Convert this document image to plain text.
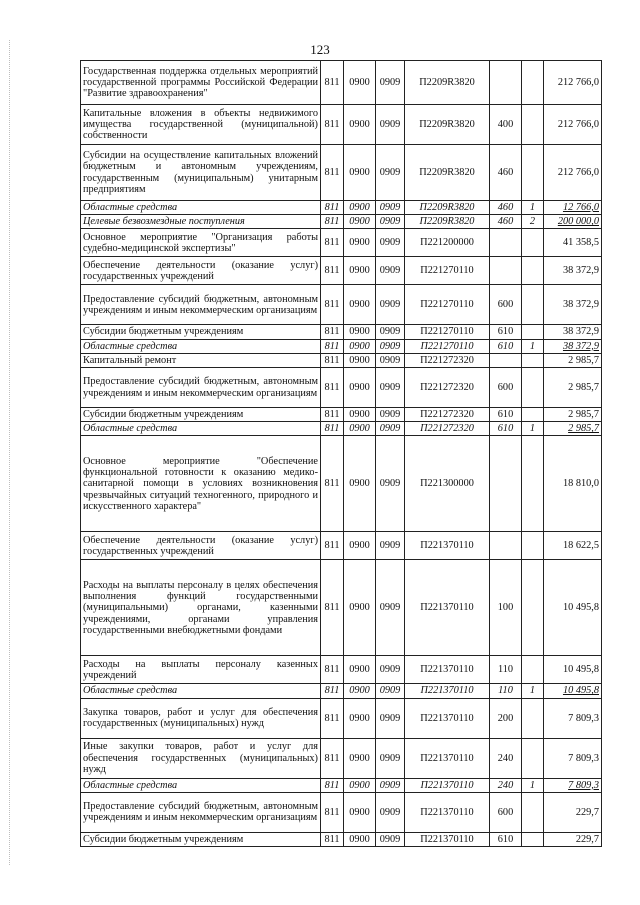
123
Государственная поддержка отдельных мероприятий государственной программы Российской Федерации "Развитие здравоохранения"	811	0900	0909	П2209R3820			212 766,0
Капитальные вложения в объекты недвижимого имущества государственной (муниципальной) собственности	811	0900	0909	П2209R3820	400		212 766,0
Субсидии на осуществление капитальных вложений бюджетным и автономным учреждениям, государственным (муниципальным) унитарным предприятиям	811	0900	0909	П2209R3820	460		212 766,0
Областные средства	811	0900	0909	П2209R3820	460	1	12 766,0
Целевые безвозмездные поступления	811	0900	0909	П2209R3820	460	2	200 000,0
Основное мероприятие "Организация работы судебно-медицинской экспертизы"	811	0900	0909	П221200000			41 358,5
Обеспечение деятельности (оказание услуг) государственных учреждений	811	0900	0909	П221270110			38 372,9
Предоставление субсидий бюджетным, автономным учреждениям и иным некоммерческим организациям	811	0900	0909	П221270110	600		38 372,9
Субсидии бюджетным учреждениям	811	0900	0909	П221270110	610		38 372,9
Областные средства	811	0900	0909	П221270110	610	1	38 372,9
Капитальный ремонт	811	0900	0909	П221272320			2 985,7
Предоставление субсидий бюджетным, автономным учреждениям и иным некоммерческим организациям	811	0900	0909	П221272320	600		2 985,7
Субсидии бюджетным учреждениям	811	0900	0909	П221272320	610		2 985,7
Областные средства	811	0900	0909	П221272320	610	1	2 985,7
Основное мероприятие "Обеспечение функциональной готовности к оказанию медико-санитарной помощи в условиях возникновения чрезвычайных ситуаций техногенного, природного и искусственного характера"	811	0900	0909	П221300000			18 810,0
Обеспечение деятельности (оказание услуг) государственных учреждений	811	0900	0909	П221370110			18 622,5
Расходы на выплаты персоналу в целях обеспечения выполнения функций государственными (муниципальными) органами, казенными учреждениями, органами управления государственными внебюджетными фондами	811	0900	0909	П221370110	100		10 495,8
Расходы на выплаты персоналу казенных учреждений	811	0900	0909	П221370110	110		10 495,8
Областные средства	811	0900	0909	П221370110	110	1	10 495,8
Закупка товаров, работ и услуг для обеспечения государственных (муниципальных) нужд	811	0900	0909	П221370110	200		7 809,3
Иные закупки товаров, работ и услуг для обеспечения государственных (муниципальных) нужд	811	0900	0909	П221370110	240		7 809,3
Областные средства	811	0900	0909	П221370110	240	1	7 809,3
Предоставление субсидий бюджетным, автономным учреждениям и иным некоммерческим организациям	811	0900	0909	П221370110	600		229,7
Субсидии бюджетным учреждениям	811	0900	0909	П221370110	610		229,7
